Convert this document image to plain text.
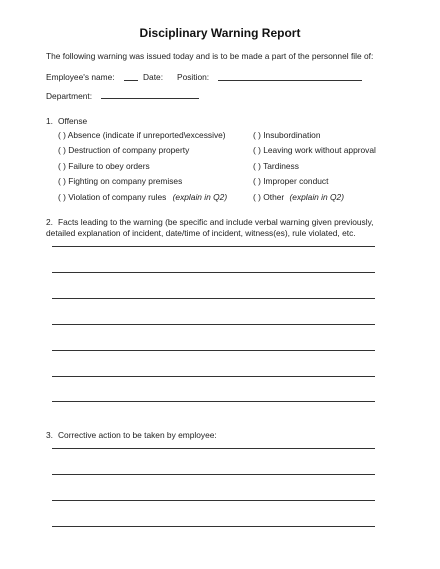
Disciplinary Warning Report
The following warning was issued today and is to be made a part of the personnel file of:
Employee's name:	Date: Position:
Department:
1. Offense
( ) Absence (indicate if unreported\excessive)
( ) Destruction of company property
( ) Failure to obey orders
( ) Fighting on company premises
( ) Violation of company rules (explain in Q2)
( ) Insubordination
( ) Leaving work without approval
( ) Tardiness
( ) Improper conduct
( ) Other (explain in Q2)
2. Facts leading to the warning (be specific and include verbal warning given previously,
detailed explanation of incident, date/time of incident, witness(es), rule violated, etc.
3. Corrective action to be taken by employee:
